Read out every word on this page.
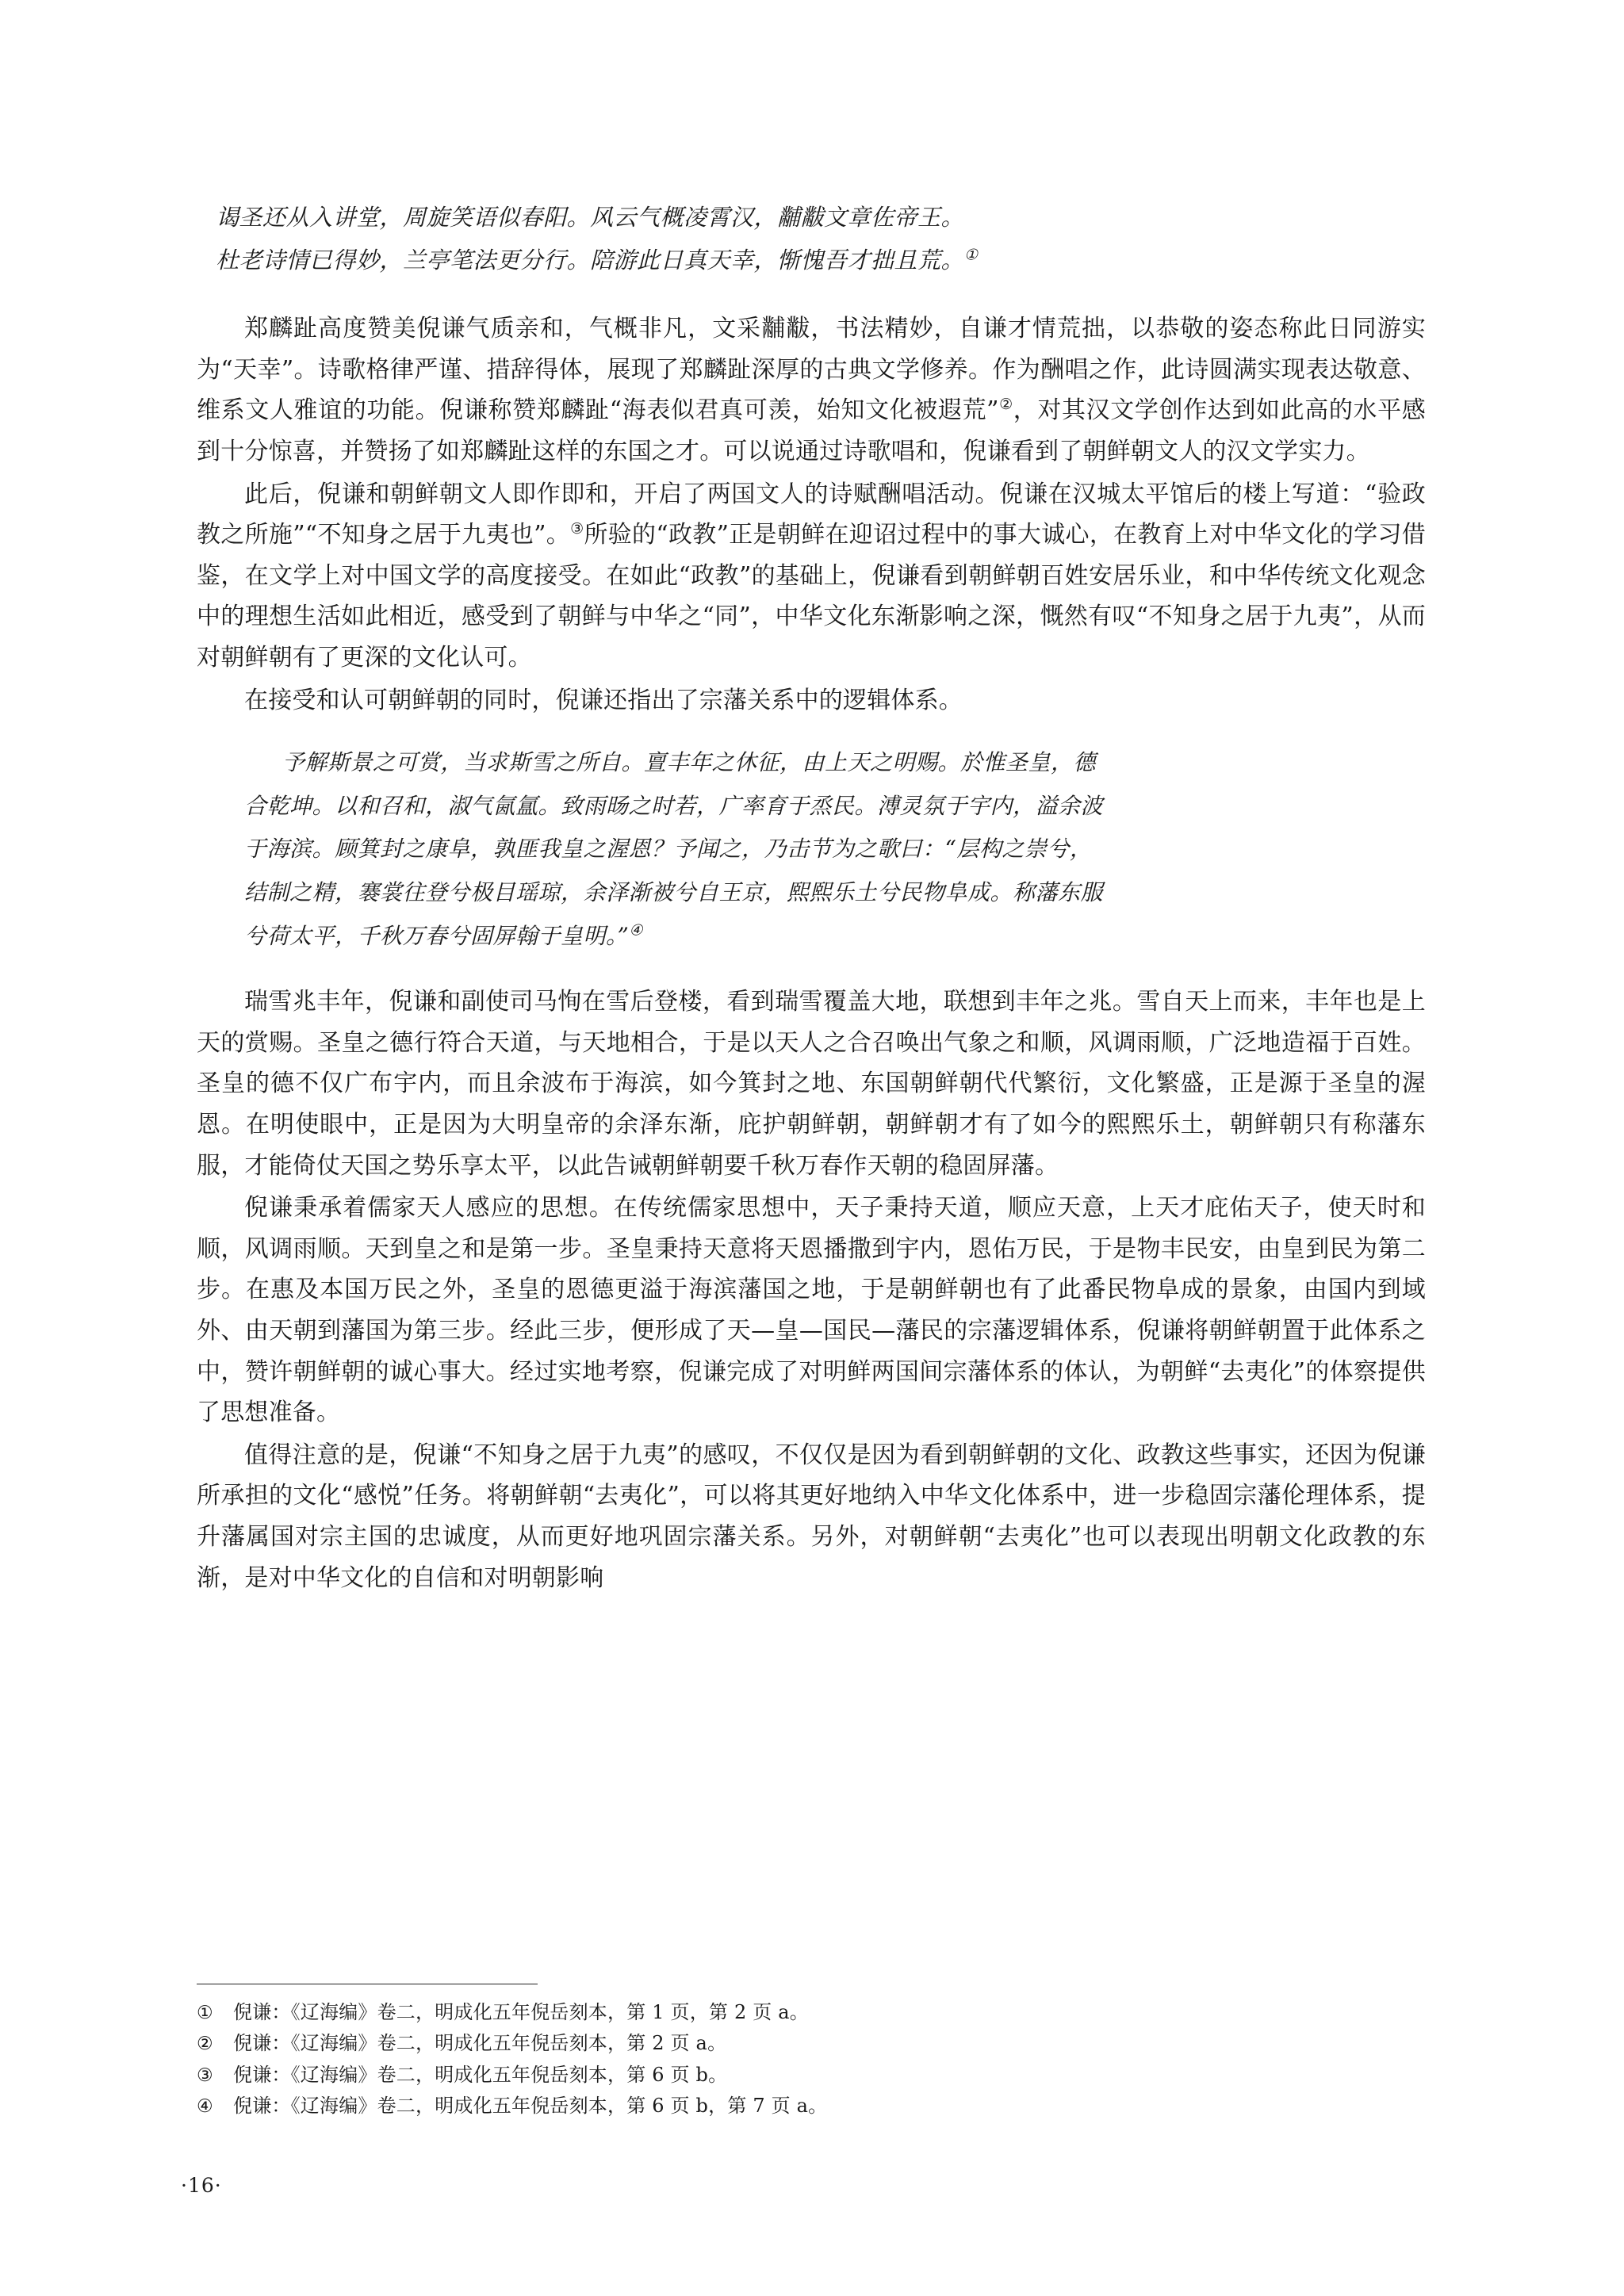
谒圣还从入讲堂，周旋笑语似春阳。风云气概凌霄汉，黼黻文章佐帝王。
杜老诗情已得妙，兰亭笔法更分行。陪游此日真天幸，惭愧吾才拙且荒。①

郑麟趾高度赞美倪谦气质亲和，气概非凡，文采黼黻，书法精妙，自谦才情荒拙，以恭敬的姿态称此日同游实为“天幸”。诗歌格律严谨、措辞得体，展现了郑麟趾深厚的古典文学修养。作为酬唱之作，此诗圆满实现表达敬意、维系文人雅谊的功能。倪谦称赞郑麟趾“海表似君真可羡，始知文化被遐荒”②，对其汉文学创作达到如此高的水平感到十分惊喜，并赞扬了如郑麟趾这样的东国之才。可以说通过诗歌唱和，倪谦看到了朝鲜朝文人的汉文学实力。

此后，倪谦和朝鲜朝文人即作即和，开启了两国文人的诗赋酬唱活动。倪谦在汉城太平馆后的楼上写道：“验政教之所施”“不知身之居于九夷也”。③所验的“政教”正是朝鲜在迎诏过程中的事大诚心，在教育上对中华文化的学习借鉴，在文学上对中国文学的高度接受。在如此“政教”的基础上，倪谦看到朝鲜朝百姓安居乐业，和中华传统文化观念中的理想生活如此相近，感受到了朝鲜与中华之“同”，中华文化东渐影响之深，慨然有叹“不知身之居于九夷”，从而对朝鲜朝有了更深的文化认可。

在接受和认可朝鲜朝的同时，倪谦还指出了宗藩关系中的逻辑体系。

予解斯景之可赏，当求斯雪之所自。亶丰年之休征，由上天之明赐。於惟圣皇，德
合乾坤。以和召和，淑气氤氲。致雨旸之时若，广率育于烝民。溥灵氛于宇内，溢余波
于海滨。顾箕封之康阜，孰匪我皇之渥恩？予闻之，乃击节为之歌曰：“层构之崇兮，
结制之精，褰裳往登兮极目瑶琼，余泽渐被兮自王京，熙熙乐土兮民物阜成。称藩东服
兮荷太平，千秋万春兮固屏翰于皇明。”④

瑞雪兆丰年，倪谦和副使司马恂在雪后登楼，看到瑞雪覆盖大地，联想到丰年之兆。雪自天上而来，丰年也是上天的赏赐。圣皇之德行符合天道，与天地相合，于是以天人之合召唤出气象之和顺，风调雨顺，广泛地造福于百姓。圣皇的德不仅广布宇内，而且余波布于海滨，如今箕封之地、东国朝鲜朝代代繁衍，文化繁盛，正是源于圣皇的渥恩。在明使眼中，正是因为大明皇帝的余泽东渐，庇护朝鲜朝，朝鲜朝才有了如今的熙熙乐土，朝鲜朝只有称藩东服，才能倚仗天国之势乐享太平，以此告诫朝鲜朝要千秋万春作天朝的稳固屏藩。

倪谦秉承着儒家天人感应的思想。在传统儒家思想中，天子秉持天道，顺应天意，上天才庇佑天子，使天时和顺，风调雨顺。天到皇之和是第一步。圣皇秉持天意将天恩播撒到宇内，恩佑万民，于是物丰民安，由皇到民为第二步。在惠及本国万民之外，圣皇的恩德更溢于海滨藩国之地，于是朝鲜朝也有了此番民物阜成的景象，由国内到域外、由天朝到藩国为第三步。经此三步，便形成了天—皇—国民—藩民的宗藩逻辑体系，倪谦将朝鲜朝置于此体系之中，赞许朝鲜朝的诚心事大。经过实地考察，倪谦完成了对明鲜两国间宗藩体系的体认，为朝鲜“去夷化”的体察提供了思想准备。

值得注意的是，倪谦“不知身之居于九夷”的感叹，不仅仅是因为看到朝鲜朝的文化、政教这些事实，还因为倪谦所承担的文化“感悦”任务。将朝鲜朝“去夷化”，可以将其更好地纳入中华文化体系中，进一步稳固宗藩伦理体系，提升藩属国对宗主国的忠诚度，从而更好地巩固宗藩关系。另外，对朝鲜朝“去夷化”也可以表现出明朝文化政教的东渐，是对中华文化的自信和对明朝影响

①	倪谦：《辽海编》卷二，明成化五年倪岳刻本，第 1 页，第 2 页 a。
②	倪谦：《辽海编》卷二，明成化五年倪岳刻本，第 2 页 a。
③	倪谦：《辽海编》卷二，明成化五年倪岳刻本，第 6 页 b。
④	倪谦：《辽海编》卷二，明成化五年倪岳刻本，第 6 页 b，第 7 页 a。
·16·
